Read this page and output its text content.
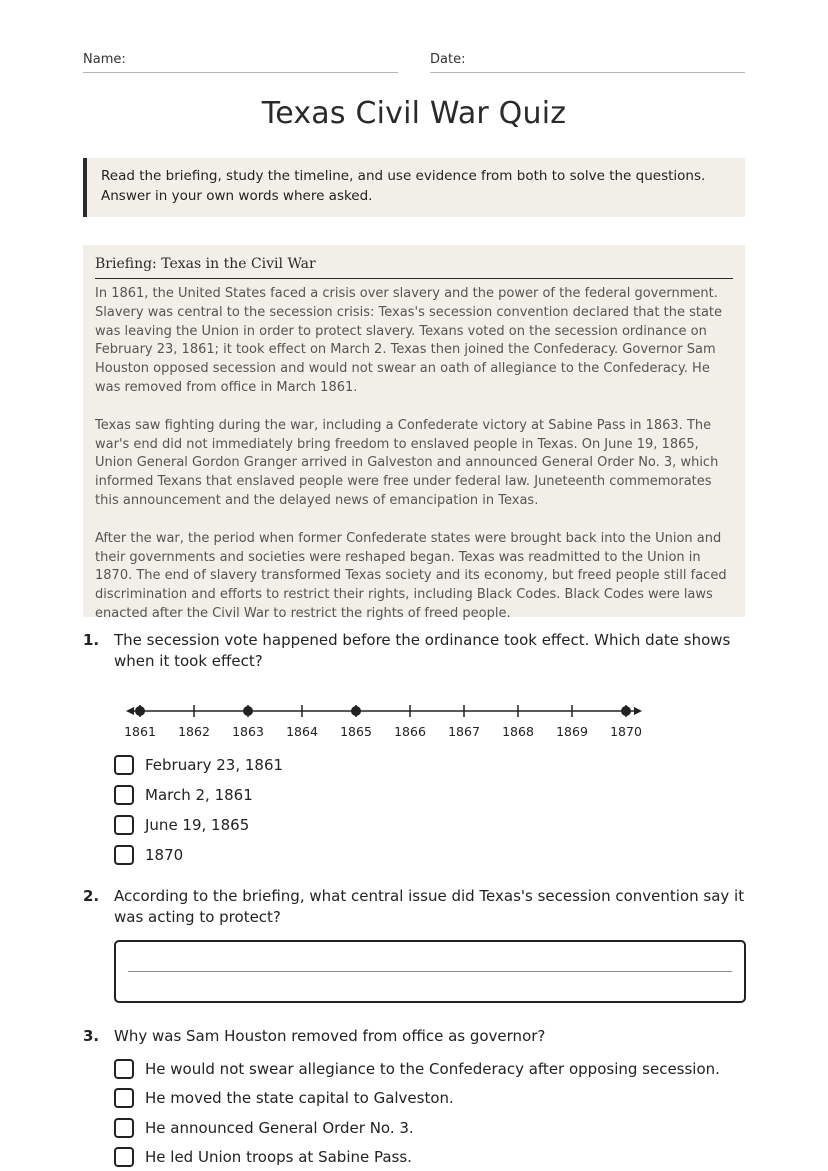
Name:	Date:
Texas Civil War Quiz
Read the briefing, study the timeline, and use evidence from both to solve the questions. Answer in your own words where asked.
Briefing: Texas in the Civil War

In 1861, the United States faced a crisis over slavery and the power of the federal government. Slavery was central to the secession crisis: Texas's secession convention declared that the state was leaving the Union in order to protect slavery. Texans voted on the secession ordinance on February 23, 1861; it took effect on March 2. Texas then joined the Confederacy. Governor Sam Houston opposed secession and would not swear an oath of allegiance to the Confederacy. He was removed from office in March 1861.

Texas saw fighting during the war, including a Confederate victory at Sabine Pass in 1863. The war's end did not immediately bring freedom to enslaved people in Texas. On June 19, 1865, Union General Gordon Granger arrived in Galveston and announced General Order No. 3, which informed Texans that enslaved people were free under federal law. Juneteenth commemorates this announcement and the delayed news of emancipation in Texas.

After the war, the period when former Confederate states were brought back into the Union and their governments and societies were reshaped began. Texas was readmitted to the Union in 1870. The end of slavery transformed Texas society and its economy, but freed people still faced discrimination and efforts to restrict their rights, including Black Codes. Black Codes were laws enacted after the Civil War to restrict the rights of freed people.

1. The secession vote happened before the ordinance took effect. Which date shows when it took effect?
1861 1862 1863 1864 1865 1866 1867 1868 1869 1870
February 23, 1861
March 2, 1861
June 19, 1865
1870
2. According to the briefing, what central issue did Texas's secession convention say it was acting to protect?
3. Why was Sam Houston removed from office as governor?
He would not swear allegiance to the Confederacy after opposing secession.
He moved the state capital to Galveston.
He announced General Order No. 3.
He led Union troops at Sabine Pass.
